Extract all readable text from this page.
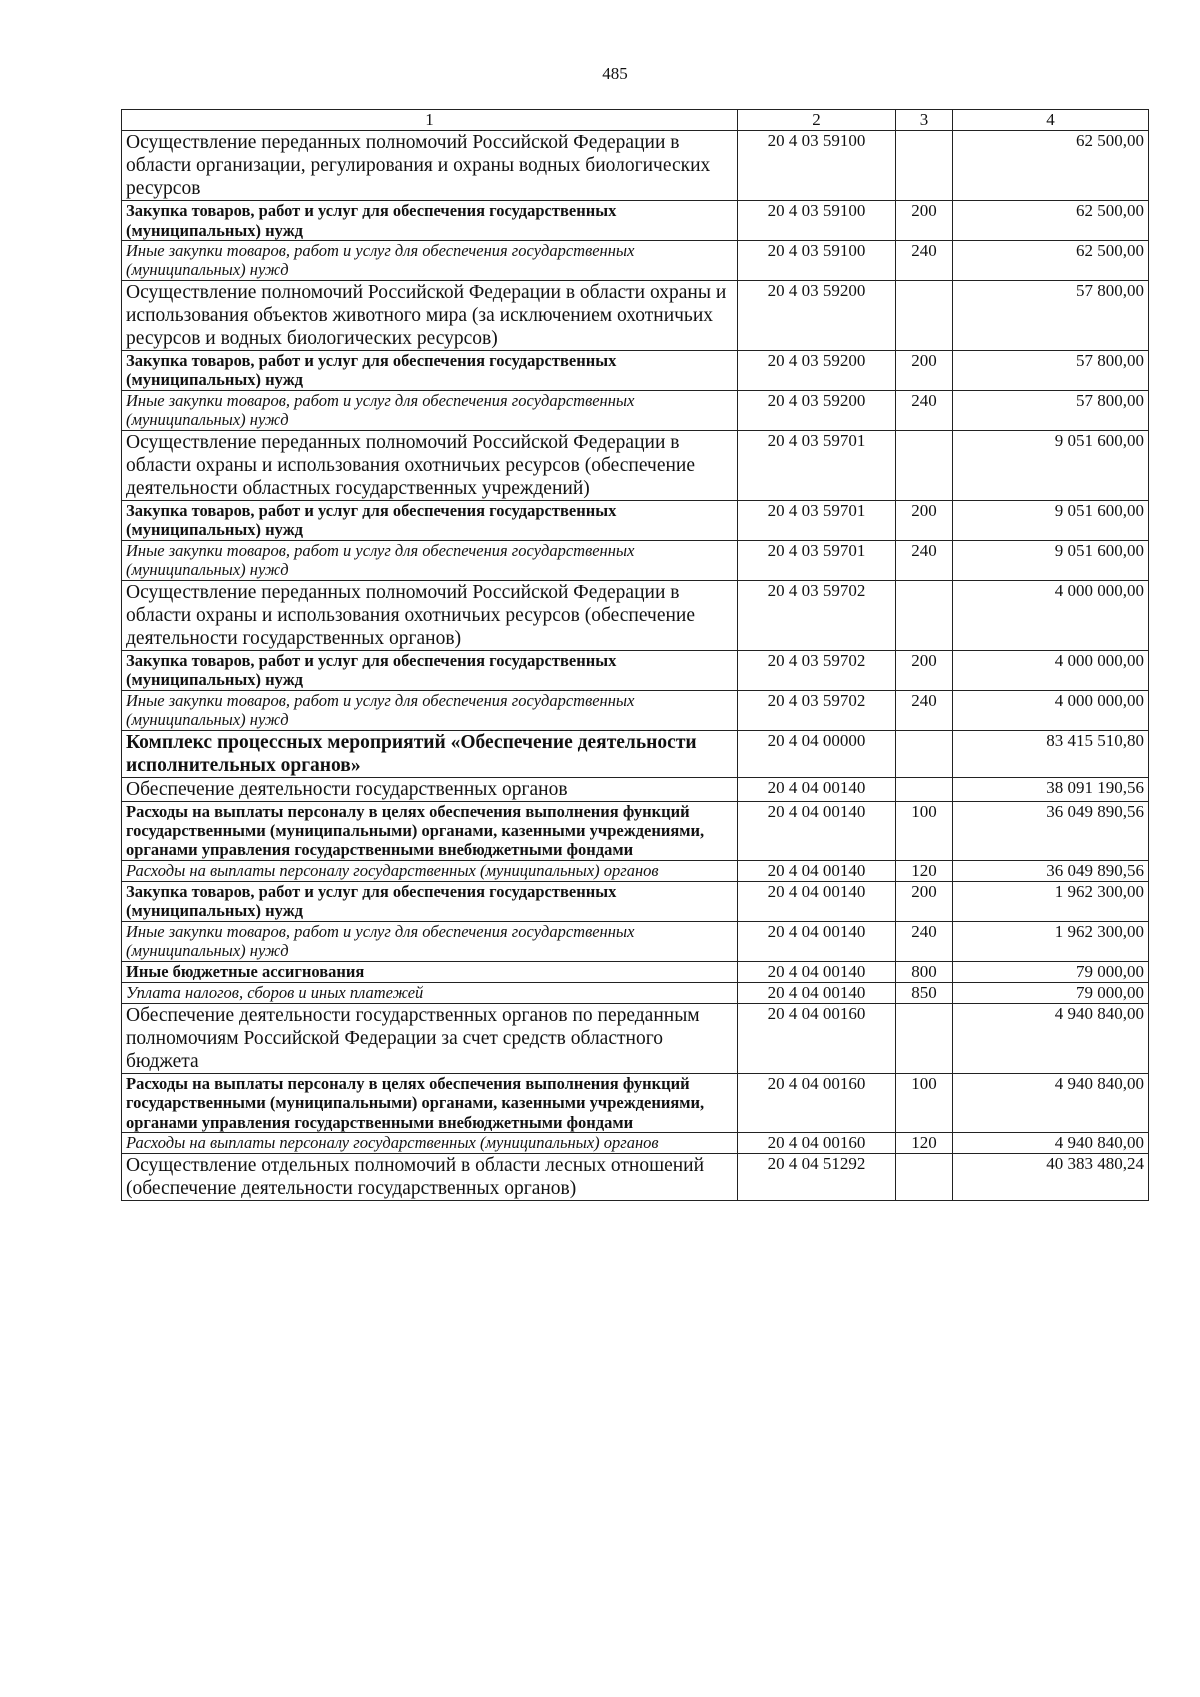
485
1	2	3	4
Осуществление переданных полномочий Российской Федерации в области организации, регулирования и охраны водных биологических ресурсов	20 4 03 59100		62 500,00
Закупка товаров, работ и услуг для обеспечения государственных (муниципальных) нужд	20 4 03 59100	200	62 500,00
Иные закупки товаров, работ и услуг для обеспечения государственных (муниципальных) нужд	20 4 03 59100	240	62 500,00
Осуществление полномочий Российской Федерации в области охраны и использования объектов животного мира (за исключением охотничьих ресурсов и водных биологических ресурсов)	20 4 03 59200		57 800,00
Закупка товаров, работ и услуг для обеспечения государственных (муниципальных) нужд	20 4 03 59200	200	57 800,00
Иные закупки товаров, работ и услуг для обеспечения государственных (муниципальных) нужд	20 4 03 59200	240	57 800,00
Осуществление переданных полномочий Российской Федерации в области охраны и использования охотничьих ресурсов (обеспечение деятельности областных государственных учреждений)	20 4 03 59701		9 051 600,00
Закупка товаров, работ и услуг для обеспечения государственных (муниципальных) нужд	20 4 03 59701	200	9 051 600,00
Иные закупки товаров, работ и услуг для обеспечения государственных (муниципальных) нужд	20 4 03 59701	240	9 051 600,00
Осуществление переданных полномочий Российской Федерации в области охраны и использования охотничьих ресурсов (обеспечение деятельности государственных органов)	20 4 03 59702		4 000 000,00
Закупка товаров, работ и услуг для обеспечения государственных (муниципальных) нужд	20 4 03 59702	200	4 000 000,00
Иные закупки товаров, работ и услуг для обеспечения государственных (муниципальных) нужд	20 4 03 59702	240	4 000 000,00
Комплекс процессных мероприятий «Обеспечение деятельности исполнительных органов»	20 4 04 00000		83 415 510,80
Обеспечение деятельности государственных органов	20 4 04 00140		38 091 190,56
Расходы на выплаты персоналу в целях обеспечения выполнения функций государственными (муниципальными) органами, казенными учреждениями, органами управления государственными внебюджетными фондами	20 4 04 00140	100	36 049 890,56
Расходы на выплаты персоналу государственных (муниципальных) органов	20 4 04 00140	120	36 049 890,56
Закупка товаров, работ и услуг для обеспечения государственных (муниципальных) нужд	20 4 04 00140	200	1 962 300,00
Иные закупки товаров, работ и услуг для обеспечения государственных (муниципальных) нужд	20 4 04 00140	240	1 962 300,00
Иные бюджетные ассигнования	20 4 04 00140	800	79 000,00
Уплата налогов, сборов и иных платежей	20 4 04 00140	850	79 000,00
Обеспечение деятельности государственных органов по переданным полномочиям Российской Федерации за счет средств областного бюджета	20 4 04 00160		4 940 840,00
Расходы на выплаты персоналу в целях обеспечения выполнения функций государственными (муниципальными) органами, казенными учреждениями, органами управления государственными внебюджетными фондами	20 4 04 00160	100	4 940 840,00
Расходы на выплаты персоналу государственных (муниципальных) органов	20 4 04 00160	120	4 940 840,00
Осуществление отдельных полномочий в области лесных отношений (обеспечение деятельности государственных органов)	20 4 04 51292		40 383 480,24
